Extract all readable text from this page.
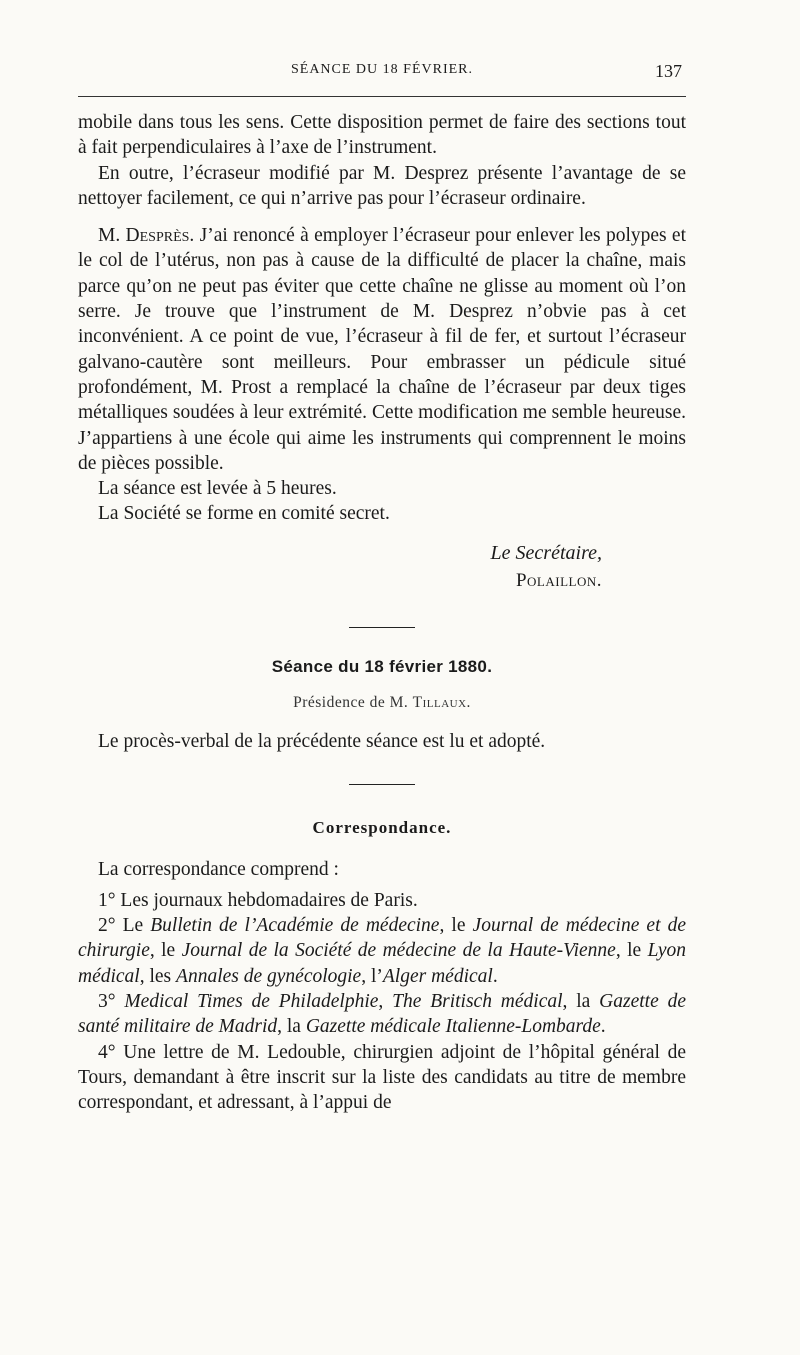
SÉANCE DU 18 FÉVRIER.	137

mobile dans tous les sens. Cette disposition permet de faire des sections tout à fait perpendiculaires à l’axe de l’instrument.

En outre, l’écraseur modifié par M. Desprez présente l’avantage de se nettoyer facilement, ce qui n’arrive pas pour l’écraseur ordinaire.

M. Desprès. J’ai renoncé à employer l’écraseur pour enlever les polypes et le col de l’utérus, non pas à cause de la difficulté de placer la chaîne, mais parce qu’on ne peut pas éviter que cette chaîne ne glisse au moment où l’on serre. Je trouve que l’instrument de M. Desprez n’obvie pas à cet inconvénient. A ce point de vue, l’écraseur à fil de fer, et surtout l’écraseur galvano-cautère sont meilleurs. Pour embrasser un pédicule situé profondément, M. Prost a remplacé la chaîne de l’écraseur par deux tiges métalliques soudées à leur extrémité. Cette modification me semble heureuse. J’appartiens à une école qui aime les instruments qui comprennent le moins de pièces possible.

La séance est levée à 5 heures.

La Société se forme en comité secret.

Le Secrétaire,
Polaillon.
Séance du 18 février 1880.
Présidence de M. Tillaux.

Le procès-verbal de la précédente séance est lu et adopté.

Correspondance.

La correspondance comprend :

1° Les journaux hebdomadaires de Paris.

2° Le Bulletin de l’Académie de médecine, le Journal de médecine et de chirurgie, le Journal de la Société de médecine de la Haute-Vienne, le Lyon médical, les Annales de gynécologie, l’Alger médical.

3° Medical Times de Philadelphie, The Britisch médical, la Gazette de santé militaire de Madrid, la Gazette médicale Italienne-Lombarde.

4° Une lettre de M. Ledouble, chirurgien adjoint de l’hôpital général de Tours, demandant à être inscrit sur la liste des candidats au titre de membre correspondant, et adressant, à l’appui de
